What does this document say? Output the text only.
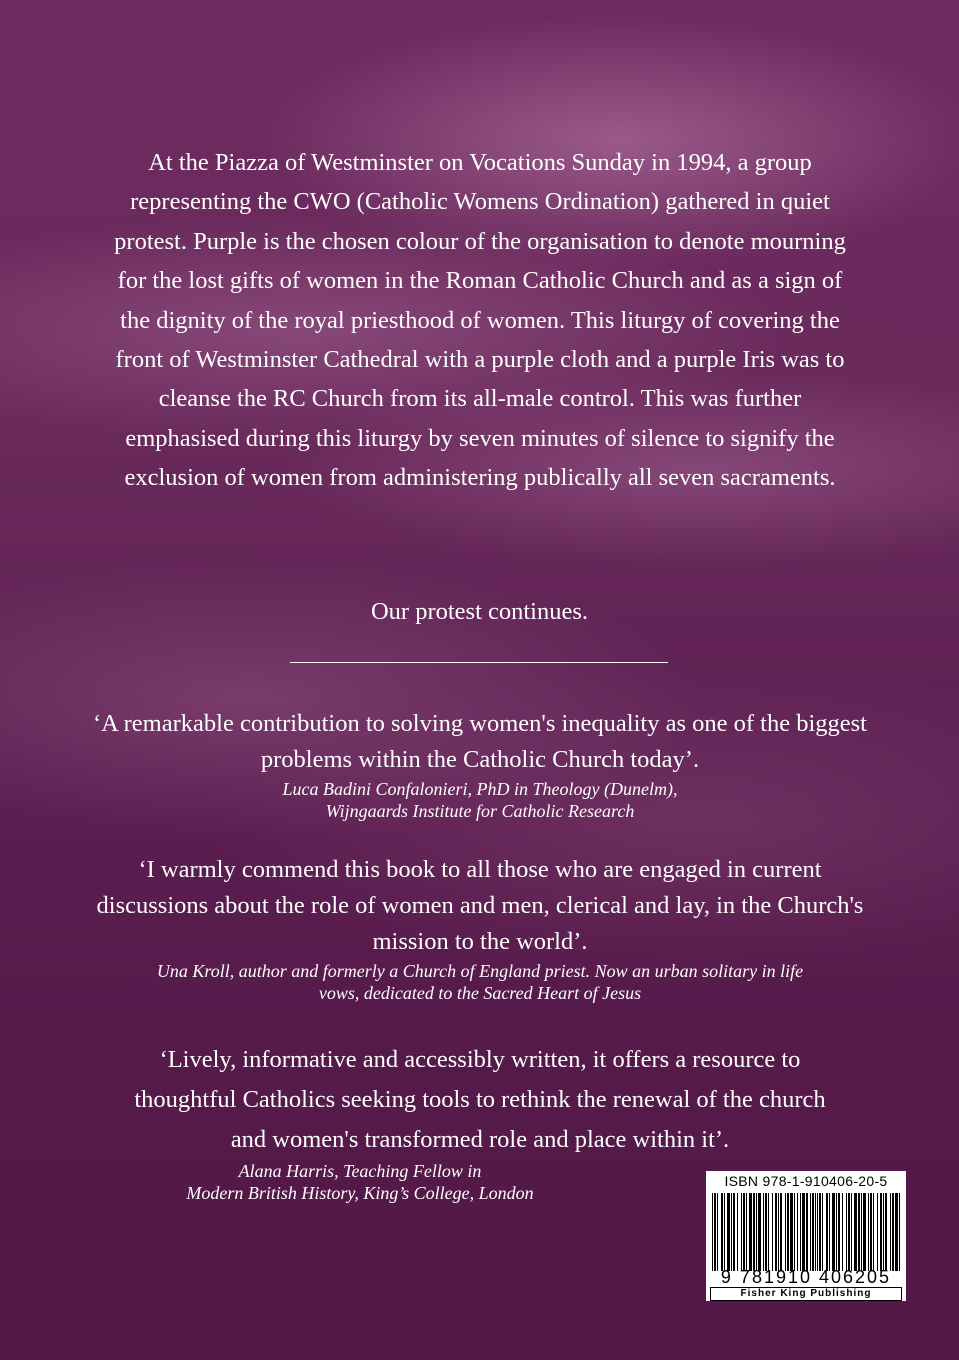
At the Piazza of Westminster on Vocations Sunday in 1994, a group representing the CWO (Catholic Womens Ordination) gathered in quiet protest. Purple is the chosen colour of the organisation to denote mourning for the lost gifts of women in the Roman Catholic Church and as a sign of the dignity of the royal priesthood of women. This liturgy of covering the front of Westminster Cathedral with a purple cloth and a purple Iris was to cleanse the RC Church from its all-male control. This was further emphasised during this liturgy by seven minutes of silence to signify the exclusion of women from administering publically all seven sacraments.
Our protest continues.
‘A remarkable contribution to solving women's inequality as one of the biggest problems within the Catholic Church today’.
Luca Badini Confalonieri, PhD in Theology (Dunelm),
Wijngaards Institute for Catholic Research
‘I warmly commend this book to all those who are engaged in current discussions about the role of women and men, clerical and lay, in the Church's mission to the world’.
Una Kroll, author and formerly a Church of England priest. Now an urban solitary in life
vows, dedicated to the Sacred Heart of Jesus
‘Lively, informative and accessibly written, it offers a resource to thoughtful Catholics seeking tools to rethink the renewal of the church and women's transformed role and place within it’.
Alana Harris, Teaching Fellow in
Modern British History, King’s College, London
ISBN 978-1-910406-20-5
9 781910 406205
Fisher King Publishing
